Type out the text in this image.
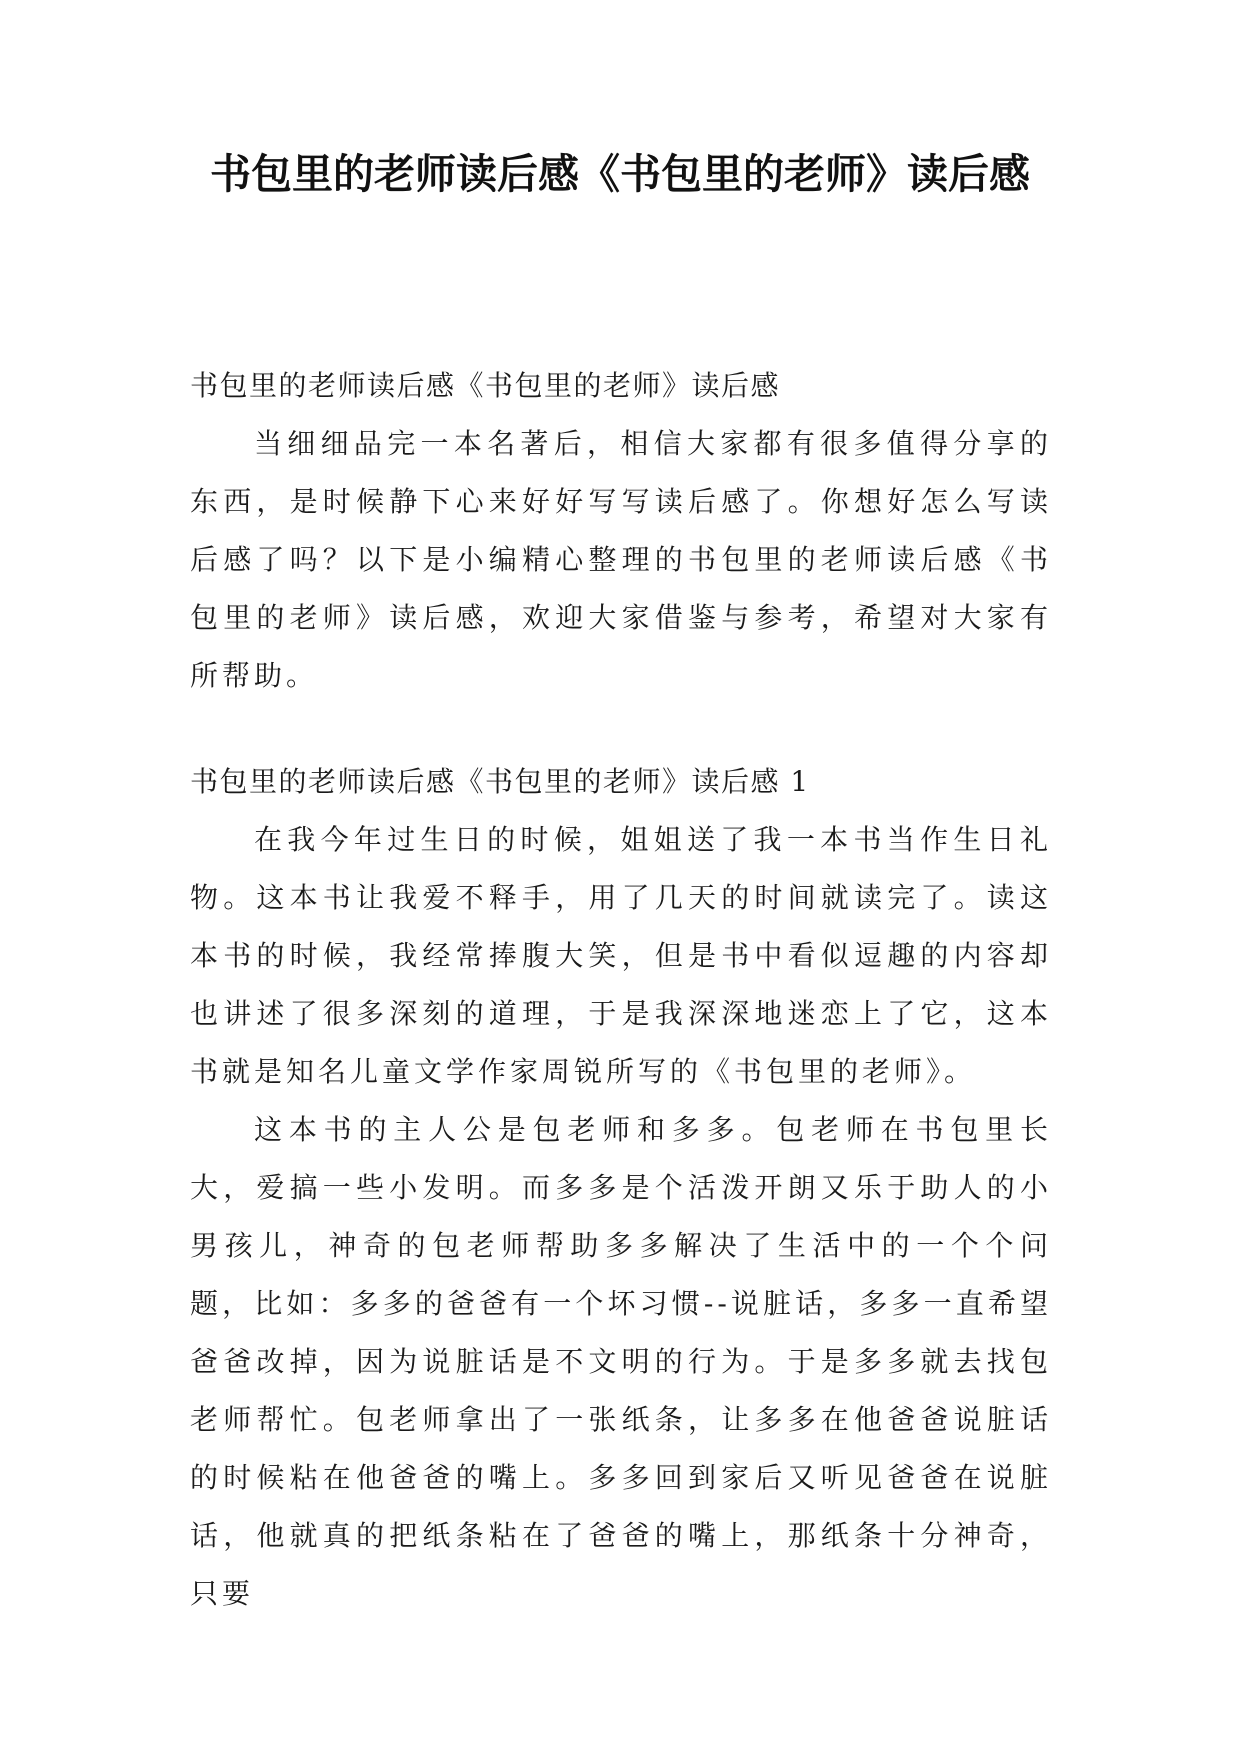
书包里的老师读后感《书包里的老师》读后感

书包里的老师读后感《书包里的老师》读后感

当细细品完一本名著后，相信大家都有很多值得分享的东西，是时候静下心来好好写写读后感了。你想好怎么写读后感了吗？以下是小编精心整理的书包里的老师读后感《书包里的老师》读后感，欢迎大家借鉴与参考，希望对大家有所帮助。

书包里的老师读后感《书包里的老师》读后感 1

在我今年过生日的时候，姐姐送了我一本书当作生日礼物。这本书让我爱不释手，用了几天的时间就读完了。读这本书的时候，我经常捧腹大笑，但是书中看似逗趣的内容却也讲述了很多深刻的道理，于是我深深地迷恋上了它，这本书就是知名儿童文学作家周锐所写的《书包里的老师》。

这本书的主人公是包老师和多多。包老师在书包里长大，爱搞一些小发明。而多多是个活泼开朗又乐于助人的小男孩儿，神奇的包老师帮助多多解决了生活中的一个个问题，比如：多多的爸爸有一个坏习惯--说脏话，多多一直希望爸爸改掉，因为说脏话是不文明的行为。于是多多就去找包老师帮忙。包老师拿出了一张纸条，让多多在他爸爸说脏话的时候粘在他爸爸的嘴上。多多回到家后又听见爸爸在说脏话，他就真的把纸条粘在了爸爸的嘴上，那纸条十分神奇，只要
